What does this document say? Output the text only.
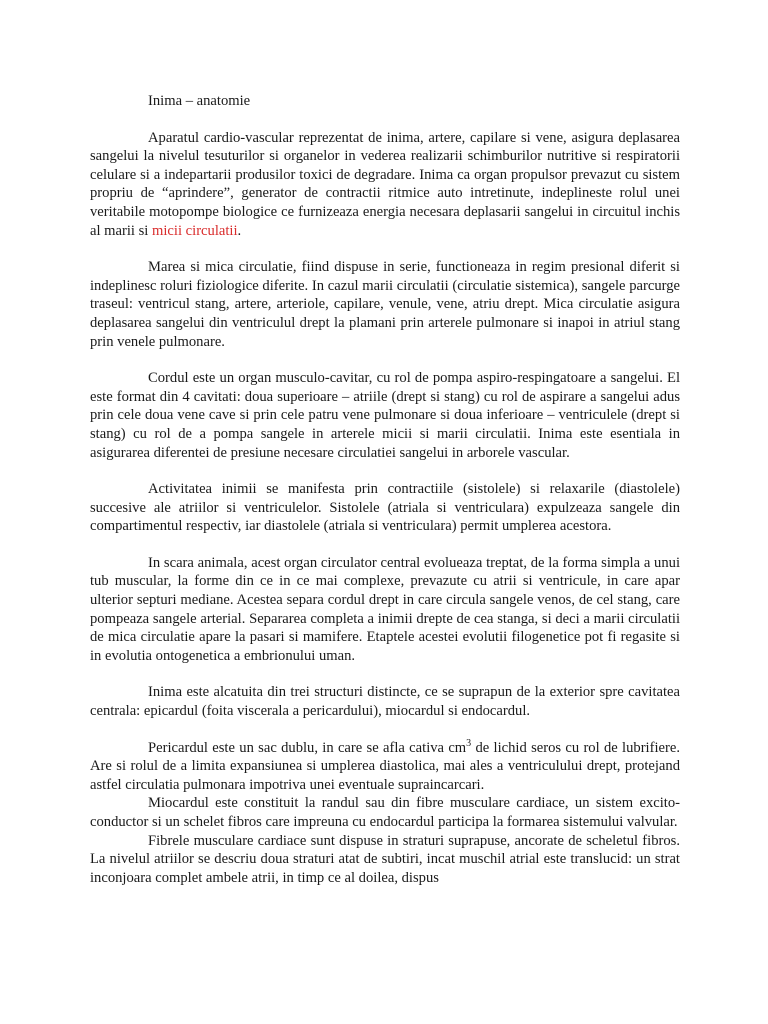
Inima – anatomie

Aparatul cardio-vascular reprezentat de inima, artere, capilare si vene, asigura deplasarea sangelui la nivelul tesuturilor si organelor in vederea realizarii schimburilor nutritive si respiratorii celulare si a indepartarii produsilor toxici de degradare. Inima ca organ propulsor prevazut cu sistem propriu de “aprindere”, generator de contractii ritmice auto intretinute, indeplineste rolul unei veritabile motopompe biologice ce furnizeaza energia necesara deplasarii sangelui in circuitul inchis al marii si micii circulatii.

Marea si mica circulatie, fiind dispuse in serie, functioneaza in regim presional diferit si indeplinesc roluri fiziologice diferite. In cazul marii circulatii (circulatie sistemica), sangele parcurge traseul: ventricul stang, artere, arteriole, capilare, venule, vene, atriu drept. Mica circulatie asigura deplasarea sangelui din ventriculul drept la plamani prin arterele pulmonare si inapoi in atriul stang prin venele pulmonare.

Cordul este un organ musculo-cavitar, cu rol de pompa aspiro-respingatoare a sangelui. El este format din 4 cavitati: doua superioare – atriile (drept si stang) cu rol de aspirare a sangelui adus prin cele doua vene cave si prin cele patru vene pulmonare si doua inferioare – ventriculele (drept si stang) cu rol de a pompa sangele in arterele micii si marii circulatii. Inima este esentiala in asigurarea diferentei de presiune necesare circulatiei sangelui in arborele vascular.

Activitatea inimii se manifesta prin contractiile (sistolele) si relaxarile (diastolele) succesive ale atriilor si ventriculelor. Sistolele (atriala si ventriculara) expulzeaza sangele din compartimentul respectiv, iar diastolele (atriala si ventriculara) permit umplerea acestora.

In scara animala, acest organ circulator central evolueaza treptat, de la forma simpla a unui tub muscular, la forme din ce in ce mai complexe, prevazute cu atrii si ventricule, in care apar ulterior septuri mediane. Acestea separa cordul drept in care circula sangele venos, de cel stang, care pompeaza sangele arterial. Separarea completa a inimii drepte de cea stanga, si deci a marii circulatii de mica circulatie apare la pasari si mamifere. Etaptele acestei evolutii filogenetice pot fi regasite si in evolutia ontogenetica a embrionului uman.

Inima este alcatuita din trei structuri distincte, ce se suprapun de la exterior spre cavitatea centrala: epicardul (foita viscerala a pericardului), miocardul si endocardul.

Pericardul este un sac dublu, in care se afla cativa $cm^3$ de lichid seros cu rol de lubrifiere. Are si rolul de a limita expansiunea si umplerea diastolica, mai ales a ventriculului drept, protejand astfel circulatia pulmonara impotriva unei eventuale supraincarcari.

Miocardul este constituit la randul sau din fibre musculare cardiace, un sistem excito-conductor si un schelet fibros care impreuna cu endocardul participa la formarea sistemului valvular.

Fibrele musculare cardiace sunt dispuse in straturi suprapuse, ancorate de scheletul fibros. La nivelul atriilor se descriu doua straturi atat de subtiri, incat muschil atrial este translucid: un strat inconjoara complet ambele atrii, in timp ce al doilea, dispus
